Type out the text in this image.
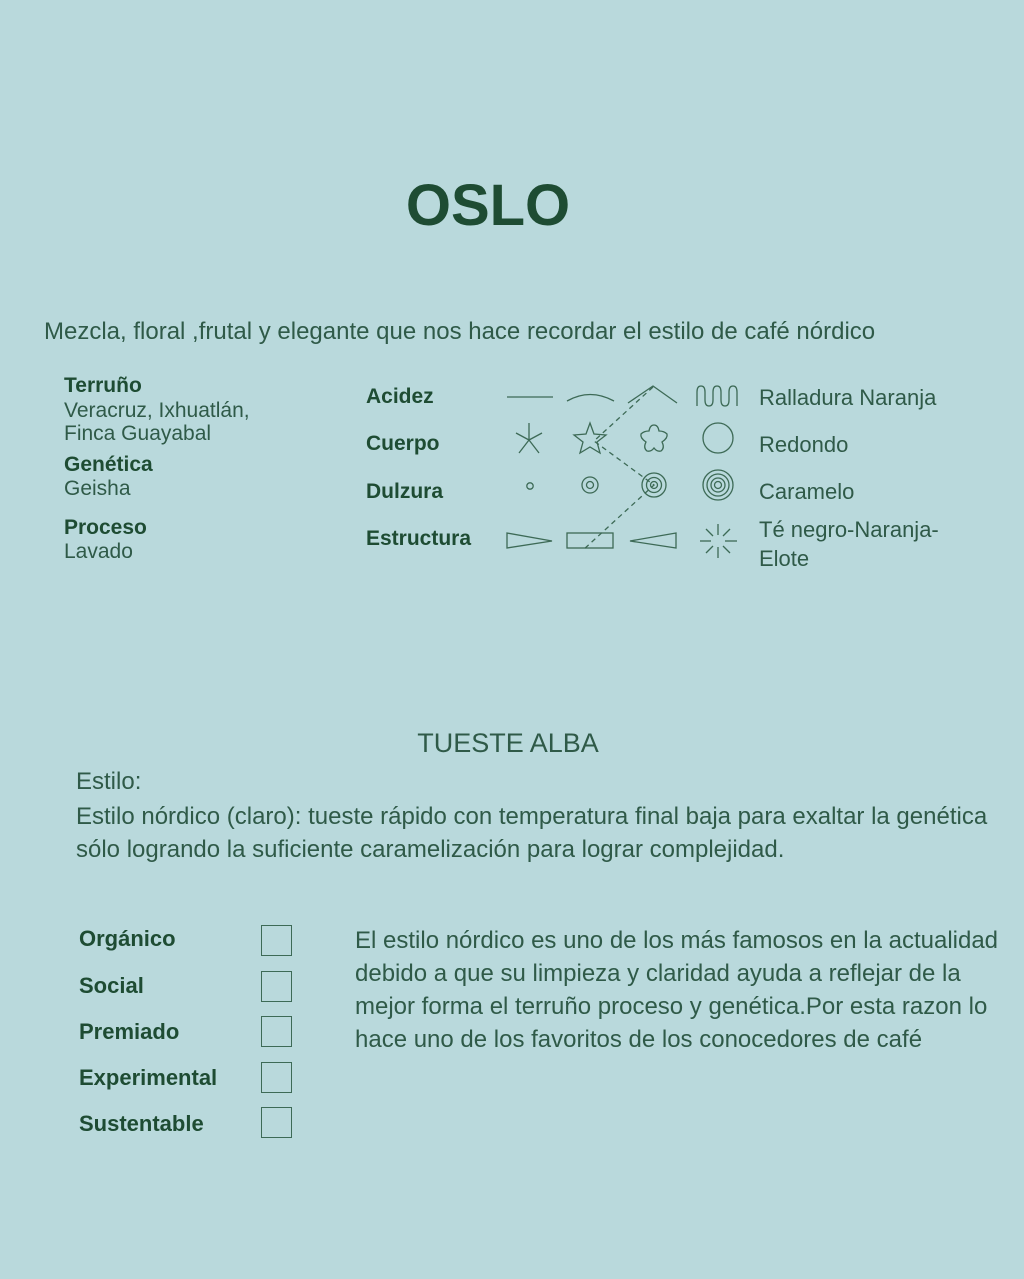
OSLO
Mezcla, floral ,frutal y elegante que nos hace recordar el estilo de café nórdico
Terruño
Veracruz, Ixhuatlán,
Finca Guayabal
Genética
Geisha
Proceso
Lavado
Acidez
Cuerpo
Dulzura
Estructura
Ralladura Naranja
Redondo
Caramelo
Té negro-Naranja-
Elote
TUESTE ALBA
Estilo:
Estilo nórdico (claro): tueste rápido con temperatura final baja para exaltar la genética sólo logrando la suficiente caramelización para lograr complejidad.
Orgánico
Social
Premiado
Experimental
Sustentable
El estilo nórdico es uno de los más famosos en la actualidad debido a que su limpieza y claridad ayuda a reflejar de la mejor forma el terruño proceso y genética.Por esta razon lo hace uno de los favoritos de los conocedores de café
